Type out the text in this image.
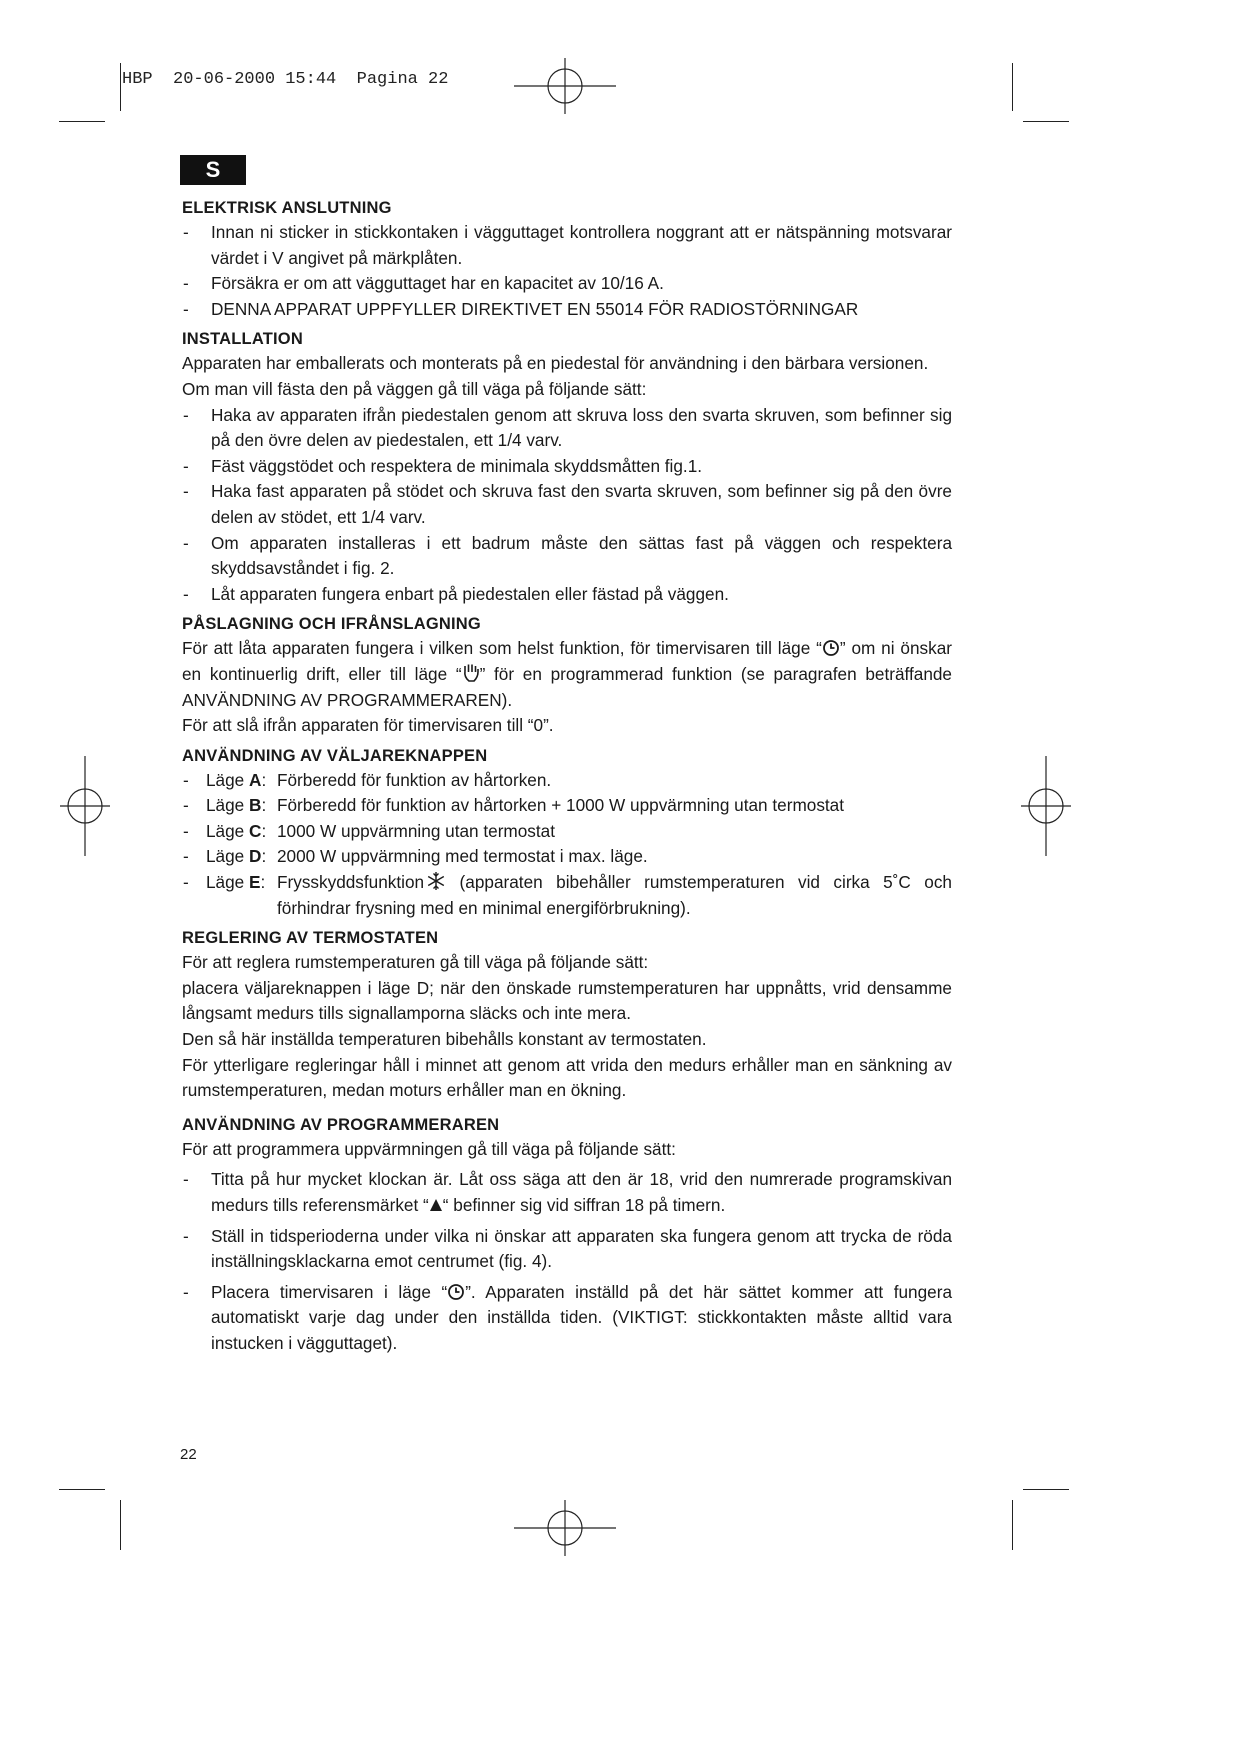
HBP  20-06-2000 15:44  Pagina 22
S
ELEKTRISK ANSLUTNING
- Innan ni sticker in stickkontaken i vägguttaget kontrollera noggrant att er nätspänning motsvarar värdet i V angivet på märkplåten.
- Försäkra er om att vägguttaget har en kapacitet av 10/16 A.
- DENNA APPARAT UPPFYLLER DIREKTIVET EN 55014 FÖR RADIOSTÖRNINGAR
INSTALLATION

Apparaten har emballerats och monterats på en piedestal för användning i den bärbara versionen.

Om man vill fästa den på väggen gå till väga på följande sätt:

- Haka av apparaten ifrån piedestalen genom att skruva loss den svarta skruven, som befinner sig på den övre delen av piedestalen, ett 1/4 varv.
- Fäst väggstödet och respektera de minimala skyddsmåtten fig.1.
- Haka fast apparaten på stödet och skruva fast den svarta skruven, som befinner sig på den övre delen av stödet, ett 1/4 varv.
- Om apparaten installeras i ett badrum måste den sättas fast på väggen och respektera skyddsavståndet i fig. 2.
- Låt apparaten fungera enbart på piedestalen eller fästad på väggen.
PÅSLAGNING OCH IFRÅNSLAGNING

För att låta apparaten fungera i vilken som helst funktion, för timervisaren till läge “ ” om ni önskar en kontinuerlig drift, eller till läge “ ” för en programmerad funktion (se paragrafen beträffande ANVÄNDNING AV PROGRAMMERAREN).

För att slå ifrån apparaten för timervisaren till “0”.

ANVÄNDNING AV VÄLJAREKNAPPEN
- Läge A: Förberedd för funktion av hårtorken.
- Läge B: Förberedd för funktion av hårtorken + 1000 W uppvärmning utan termostat
- Läge C: 1000 W uppvärmning utan termostat
- Läge D: 2000 W uppvärmning med termostat i max. läge.
- Läge E: Frysskyddsfunktion (apparaten bibehåller rumstemperaturen vid cirka 5˚C och förhindrar frysning med en minimal energiförbrukning).
REGLERING AV TERMOSTATEN

För att reglera rumstemperaturen gå till väga på följande sätt:

placera väljareknappen i läge D; när den önskade rumstemperaturen har uppnåtts, vrid densamme långsamt medurs tills signallamporna släcks och inte mera.

Den så här inställda temperaturen bibehålls konstant av termostaten.

För ytterligare regleringar håll i minnet att genom att vrida den medurs erhåller man en sänkning av rumstemperaturen, medan moturs erhåller man en ökning.

ANVÄNDNING AV PROGRAMMERAREN

För att programmera uppvärmningen gå till väga på följande sätt:

- Titta på hur mycket klockan är. Låt oss säga att den är 18, vrid den numrerade programskivan medurs tills referensmärket “ “ befinner sig vid siffran 18 på timern.
- Ställ in tidsperioderna under vilka ni önskar att apparaten ska fungera genom att trycka de röda inställningsklackarna emot centrumet (fig. 4).
- Placera timervisaren i läge “ ”. Apparaten inställd på det här sättet kommer att fungera automatiskt varje dag under den inställda tiden. (VIKTIGT: stickkontakten måste alltid vara instucken i vägguttaget).
22
